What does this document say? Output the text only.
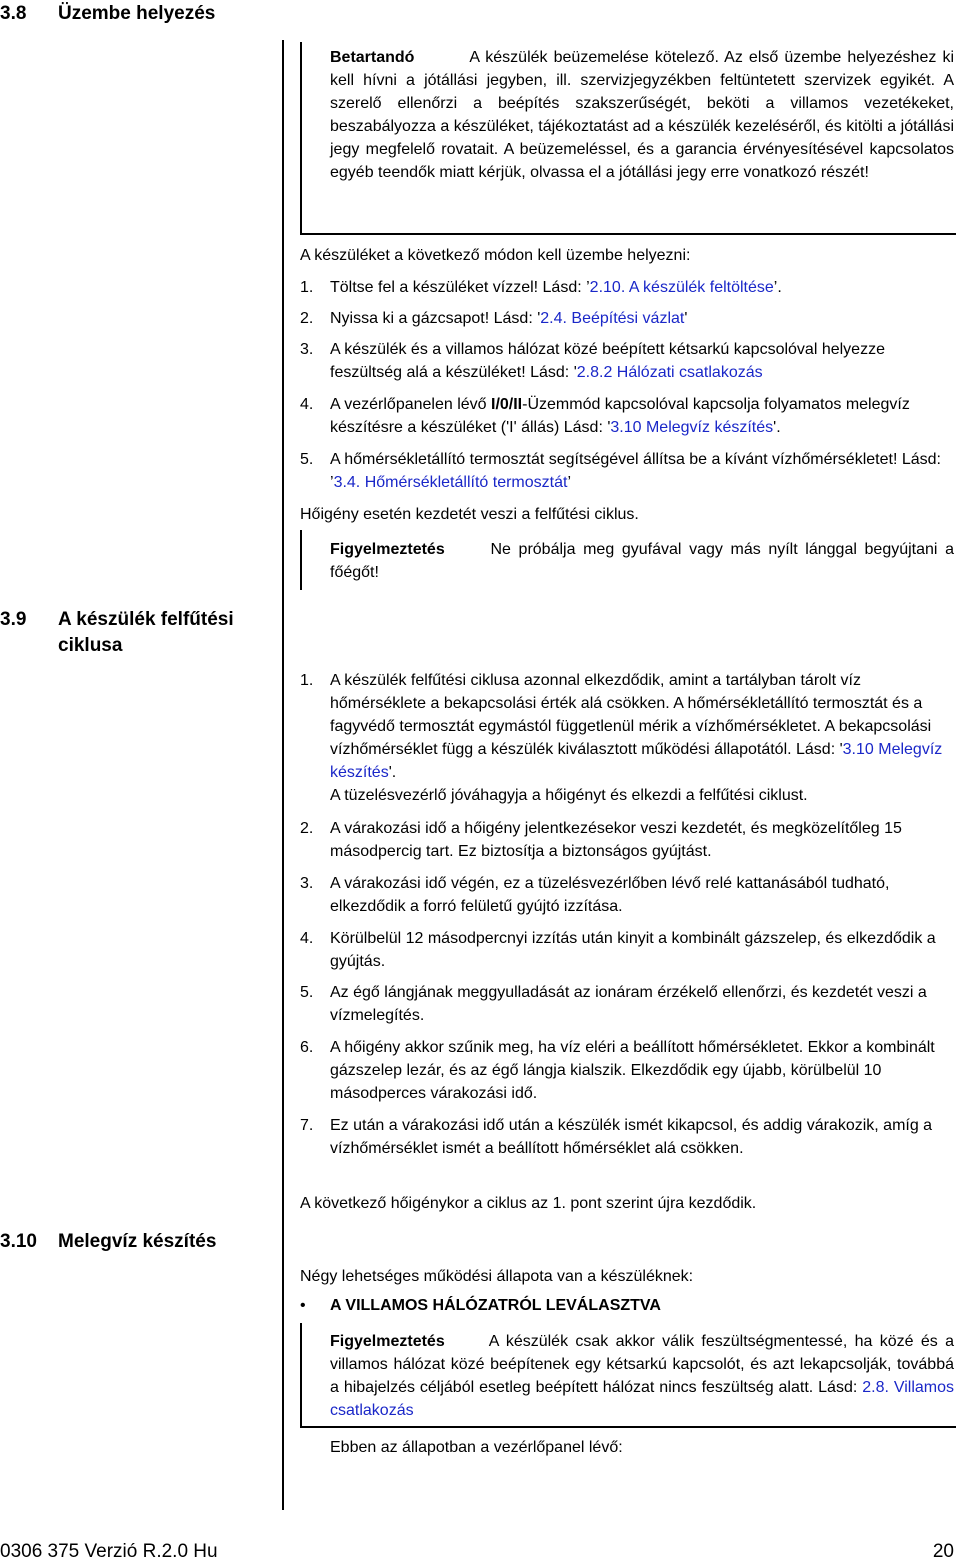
3.8 Üzembe helyezés
3.9 A készülék felfűtési
ciklusa
3.10 Melegvíz készítés
Betartandó	A készülék beüzemelése kötelező. Az első üzembe helyezéshez ki kell hívni a jótállási jegyben, ill. szervizjegyzékben feltüntetett szervizek egyikét. A szerelő ellenőrzi a beépítés szakszerűségét, beköti a villamos vezetékeket, beszabályozza a készüléket, tájékoztatást ad a készülék kezeléséről, és kitölti a jótállási jegy megfelelő rovatait. A beüzemeléssel, és a garancia érvényesítésével kapcsolatos egyéb teendők miatt kérjük, olvassa el a jótállási jegy erre vonatkozó részét!
A készüléket a következő módon kell üzembe helyezni:
1. Töltse fel a készüléket vízzel! Lásd: ’2.10. A készülék feltöltése’.
2. Nyissa ki a gázcsapot! Lásd: '2.4. Beépítési vázlat'
3. A készülék és a villamos hálózat közé beépített kétsarkú kapcsolóval helyezze feszültség alá a készüléket! Lásd: '2.8.2 Hálózati csatlakozás
4. A vezérlőpanelen lévő I/0/II-Üzemmód kapcsolóval kapcsolja folyamatos melegvíz készítésre a készüléket ('I' állás) Lásd: '3.10 Melegvíz készítés'.
5. A hőmérsékletállító termosztát segítségével állítsa be a kívánt vízhőmérsékletet! Lásd: ’3.4. Hőmérsékletállító termosztát’
Hőigény esetén kezdetét veszi a felfűtési ciklus.
Figyelmeztetés	Ne próbálja meg gyufával vagy más nyílt lánggal begyújtani a főégőt!
1. A készülék felfűtési ciklusa azonnal elkezdődik, amint a tartályban tárolt víz hőmérséklete a bekapcsolási érték alá csökken. A hőmérsékletállító termosztát és a fagyvédő termosztát egymástól függetlenül mérik a vízhőmérsékletet. A bekapcsolási vízhőmérséklet függ a készülék kiválasztott működési állapotától. Lásd: '3.10 Melegvíz készítés'.
A tüzelésvezérlő jóváhagyja a hőigényt és elkezdi a felfűtési ciklust.
2. A várakozási idő a hőigény jelentkezésekor veszi kezdetét, és megközelítőleg 15 másodpercig tart. Ez biztosítja a biztonságos gyújtást.
3. A várakozási idő végén, ez a tüzelésvezérlőben lévő relé kattanásából tudható, elkezdődik a forró felületű gyújtó izzítása.
4. Körülbelül 12 másodpercnyi izzítás után kinyit a kombinált gázszelep, és elkezdődik a gyújtás.
5. Az égő lángjának meggyulladását az ionáram érzékelő ellenőrzi, és kezdetét veszi a vízmelegítés.
6. A hőigény akkor szűnik meg, ha víz eléri a beállított hőmérsékletet. Ekkor a kombinált gázszelep lezár, és az égő lángja kialszik. Elkezdődik egy újabb, körülbelül 10 másodperces várakozási idő.
7. Ez után a várakozási idő után a készülék ismét kikapcsol, és addig várakozik, amíg a vízhőmérséklet ismét a beállított hőmérséklet alá csökken.
A következő hőigénykor a ciklus az 1. pont szerint újra kezdődik.
Négy lehetséges működési állapota van a készüléknek:
• A VILLAMOS HÁLÓZATRÓL LEVÁLASZTVA
Figyelmeztetés	A készülék csak akkor válik feszültségmentessé, ha közé és a villamos hálózat közé beépítenek egy kétsarkú kapcsolót, és azt lekapcsolják, továbbá a hibajelzés céljából esetleg beépített hálózat nincs feszültség alatt. Lásd: 2.8. Villamos csatlakozás
Ebben az állapotban a vezérlőpanel lévő:
0306 375 Verzió R.2.0 Hu	20
